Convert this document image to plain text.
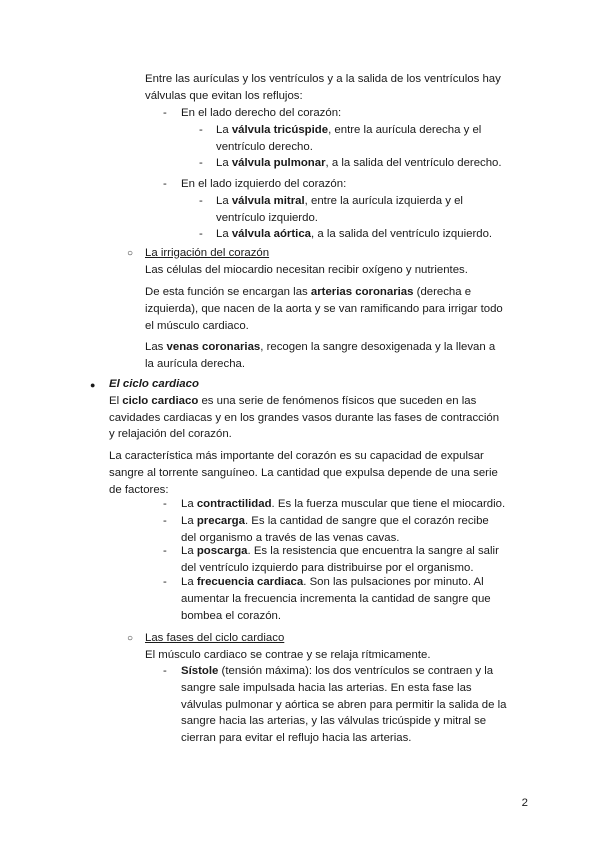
Entre las aurículas y los ventrículos y a la salida de los ventrículos hay
válvulas que evitan los reflujos:
- En el lado derecho del corazón:
- La válvula tricúspide, entre la aurícula derecha y el
ventrículo derecho.
- La válvula pulmonar, a la salida del ventrículo derecho.
- En el lado izquierdo del corazón:
- La válvula mitral, entre la aurícula izquierda y el
ventrículo izquierdo.
- La válvula aórtica, a la salida del ventrículo izquierdo.
○ La irrigación del corazón
Las células del miocardio necesitan recibir oxígeno y nutrientes.
De esta función se encargan las arterias coronarias (derecha e
izquierda), que nacen de la aorta y se van ramificando para irrigar todo
el músculo cardiaco.
Las venas coronarias, recogen la sangre desoxigenada y la llevan a
la aurícula derecha.
● El ciclo cardiaco
El ciclo cardiaco es una serie de fenómenos físicos que suceden en las
cavidades cardiacas y en los grandes vasos durante las fases de contracción
y relajación del corazón.
La característica más importante del corazón es su capacidad de expulsar
sangre al torrente sanguíneo. La cantidad que expulsa depende de una serie
de factores:
- La contractilidad. Es la fuerza muscular que tiene el miocardio.
- La precarga. Es la cantidad de sangre que el corazón recibe
del organismo a través de las venas cavas.
- La poscarga. Es la resistencia que encuentra la sangre al salir
del ventrículo izquierdo para distribuirse por el organismo.
- La frecuencia cardiaca. Son las pulsaciones por minuto. Al
aumentar la frecuencia incrementa la cantidad de sangre que
bombea el corazón.
○ Las fases del ciclo cardiaco
El músculo cardiaco se contrae y se relaja rítmicamente.
- Sístole (tensión máxima): los dos ventrículos se contraen y la
sangre sale impulsada hacia las arterias. En esta fase las
válvulas pulmonar y aórtica se abren para permitir la salida de la
sangre hacia las arterias, y las válvulas tricúspide y mitral se
cierran para evitar el reflujo hacia las arterias.
2
